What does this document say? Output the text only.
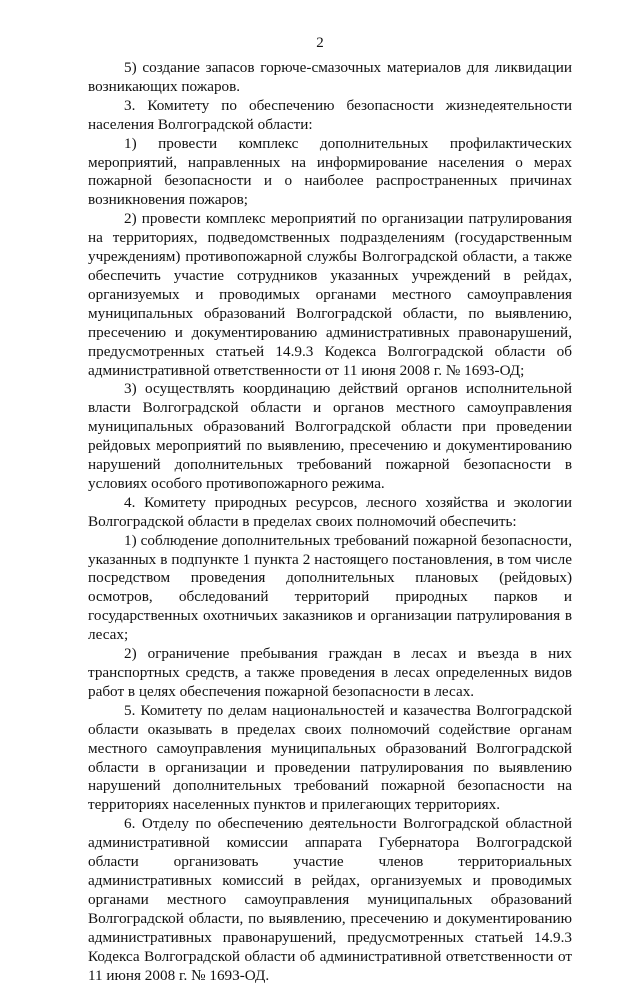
2

5) создание запасов горюче-смазочных материалов для ликвидации возникающих пожаров.

3. Комитету по обеспечению безопасности жизнедеятельности населения Волгоградской области:

1) провести комплекс дополнительных профилактических мероприятий, направленных на информирование населения о мерах пожарной безопасности и о наиболее распространенных причинах возникновения пожаров;

2) провести комплекс мероприятий по организации патрулирования на территориях, подведомственных подразделениям (государственным учреждениям) противопожарной службы Волгоградской области, а также обеспечить участие сотрудников указанных учреждений в рейдах, организуемых и проводимых органами местного самоуправления муниципальных образований Волгоградской области, по выявлению, пресечению и документированию административных правонарушений, предусмотренных статьей 14.9.3 Кодекса Волгоградской области об административной ответственности от 11 июня 2008 г. № 1693-ОД;

3) осуществлять координацию действий органов исполнительной власти Волгоградской области и органов местного самоуправления муниципальных образований Волгоградской области при проведении рейдовых мероприятий по выявлению, пресечению и документированию нарушений дополнительных требований пожарной безопасности в условиях особого противопожарного режима.

4. Комитету природных ресурсов, лесного хозяйства и экологии Волгоградской области в пределах своих полномочий обеспечить:

1) соблюдение дополнительных требований пожарной безопасности, указанных в подпункте 1 пункта 2 настоящего постановления, в том числе посредством проведения дополнительных плановых (рейдовых) осмотров, обследований территорий природных парков и государственных охотничьих заказников и организации патрулирования в лесах;

2) ограничение пребывания граждан в лесах и въезда в них транспортных средств, а также проведения в лесах определенных видов работ в целях обеспечения пожарной безопасности в лесах.

5. Комитету по делам национальностей и казачества Волгоградской области оказывать в пределах своих полномочий содействие органам местного самоуправления муниципальных образований Волгоградской области в организации и проведении патрулирования по выявлению нарушений дополнительных требований пожарной безопасности на территориях населенных пунктов и прилегающих территориях.

6. Отделу по обеспечению деятельности Волгоградской областной административной комиссии аппарата Губернатора Волгоградской области организовать участие членов территориальных административных комиссий в рейдах, организуемых и проводимых органами местного самоуправления муниципальных образований Волгоградской области, по выявлению, пресечению и документированию административных правонарушений, предусмотренных статьей 14.9.3 Кодекса Волгоградской области об административной ответственности от 11 июня 2008 г. № 1693-ОД.
